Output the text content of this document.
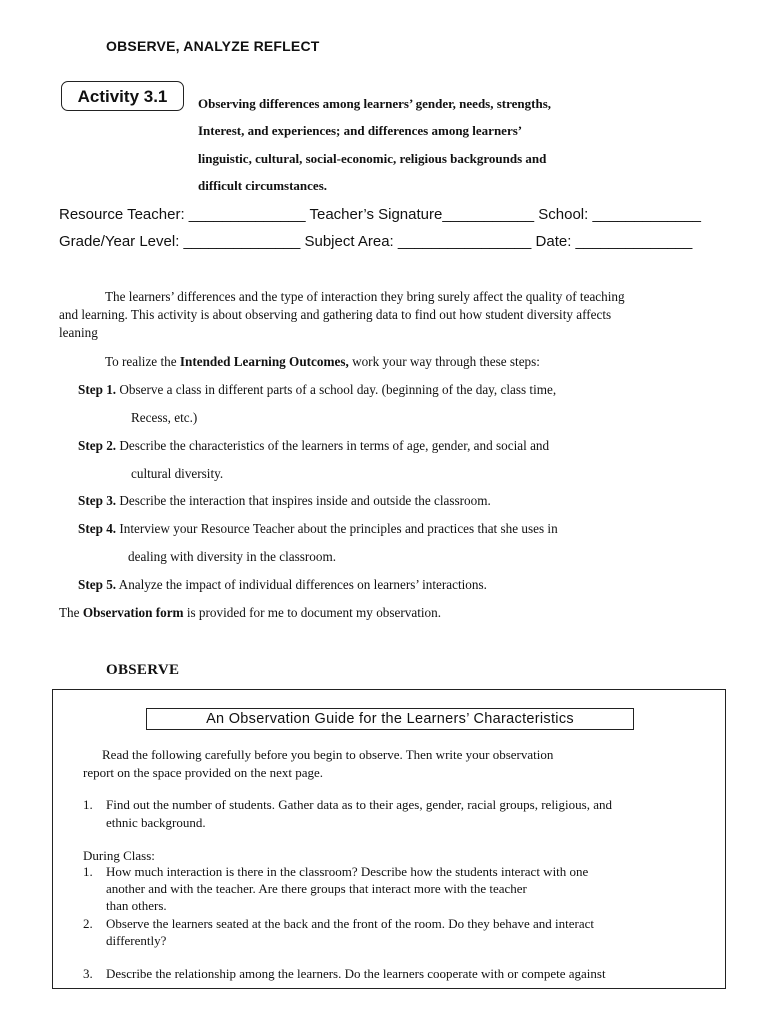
OBSERVE, ANALYZE REFLECT
Activity 3.1	Observing differences among learners’ gender, needs, strengths,
Interest, and experiences; and differences among learners’
linguistic, cultural, social-economic, religious backgrounds and
difficult circumstances.
Resource Teacher: ______________ Teacher’s Signature___________ School: _____________
Grade/Year Level: ______________ Subject Area: ________________ Date: ______________
The learners’ differences and the type of interaction they bring surely affect the quality of teaching
and learning. This activity is about observing and gathering data to find out how student diversity affects
leaning
To realize the Intended Learning Outcomes, work your way through these steps:
Step 1. Observe a class in different parts of a school day. (beginning of the day, class time,
Recess, etc.)
Step 2. Describe the characteristics of the learners in terms of age, gender, and social and
cultural diversity.
Step 3. Describe the interaction that inspires inside and outside the classroom.
Step 4. Interview your Resource Teacher about the principles and practices that she uses in
dealing with diversity in the classroom.
Step 5. Analyze the impact of individual differences on learners’ interactions.
The Observation form is provided for me to document my observation.
OBSERVE
An Observation Guide for the Learners’ Characteristics
Read the following carefully before you begin to observe. Then write your observation
report on the space provided on the next page.
1. Find out the number of students. Gather data as to their ages, gender, racial groups, religious, and
ethnic background.
During Class:
1. How much interaction is there in the classroom? Describe how the students interact with one
another and with the teacher. Are there groups that interact more with the teacher
than others.
2. Observe the learners seated at the back and the front of the room. Do they behave and interact
differently?
3. Describe the relationship among the learners. Do the learners cooperate with or compete against
